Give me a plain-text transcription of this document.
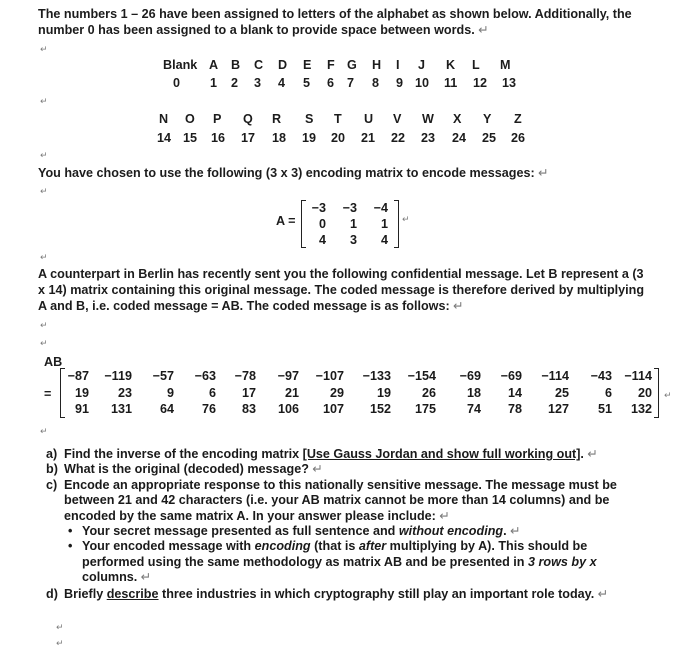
The numbers 1 – 26 have been assigned to letters of the alphabet as shown below. Additionally, the
number 0 has been assigned to a blank to provide space between words. ↵
↵
Blank A B C D E F G H I J K L M
0 1 2 3 4 5 6 7 8 9 10 11 12 13
N O P Q R S T U V W X Y Z
14 15 16 17 18 19 20 21 22 23 24 25 26
↵
↵
You have chosen to use the following (3 x 3) encoding matrix to encode messages: ↵
↵
A =
−3	−3	−4
0	1	1
4	3	4
↵
↵
A counterpart in Berlin has recently sent you the following confidential message. Let B represent a (3
x 14) matrix containing this original message. The coded message is therefore derived by multiplying
A and B, i.e. coded message = AB. The coded message is as follows: ↵
↵
↵
AB
=
−87	−119	−57	−63	−78	−97	−107	−133	−154	−69	−69	−114	−43 −114
19	23	9	6	17	21	29	19	26	18	14	25	6	20
91	131	64	76	83	106	107	152	175	74	78	127	51	132
↵
↵
a) Find the inverse of the encoding matrix [Use Gauss Jordan and show full working out]. ↵
b) What is the original (decoded) message? ↵
c) Encode an appropriate response to this nationally sensitive message. The message must be
between 21 and 42 characters (i.e. your AB matrix cannot be more than 14 columns) and be
encoded by the same matrix A. In your answer please include: ↵
• Your secret message presented as full sentence and without encoding. ↵
• Your encoded message with encoding (that is after multiplying by A). This should be
performed using the same methodology as matrix AB and be presented in 3 rows by x
columns. ↵
d) Briefly describe three industries in which cryptography still play an important role today. ↵
↵
↵
